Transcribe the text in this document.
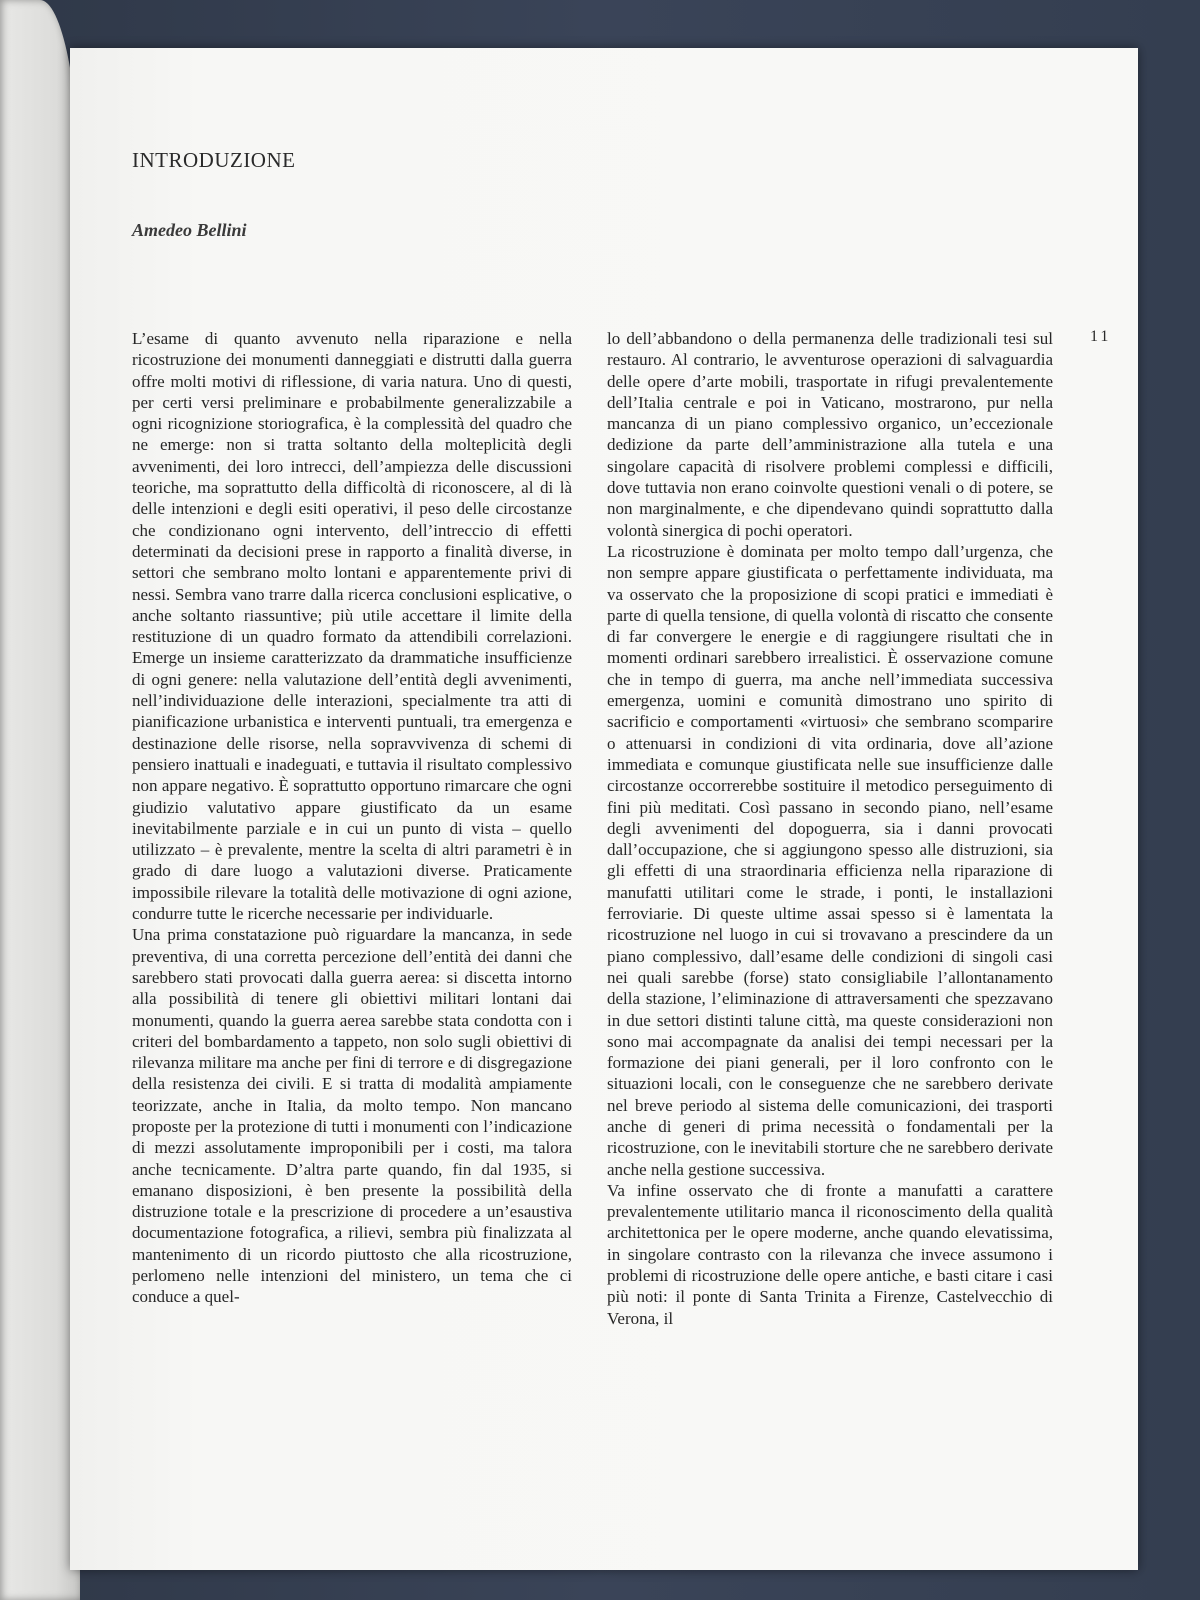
INTRODUZIONE
Amedeo Bellini
11

L’esame di quanto avvenuto nella riparazione e nella ricostruzione dei monumenti danneggiati e distrutti dalla guerra offre molti motivi di riflessione, di varia natura. Uno di questi, per certi versi preliminare e probabilmente generalizzabile a ogni ricognizione storiografica, è la complessità del quadro che ne emerge: non si tratta soltanto della molteplicità degli avvenimenti, dei loro intrecci, dell’ampiezza delle discussioni teoriche, ma soprattutto della difficoltà di riconoscere, al di là delle intenzioni e degli esiti operativi, il peso delle circostanze che condizionano ogni intervento, dell’intreccio di effetti determinati da decisioni prese in rapporto a finalità diverse, in settori che sembrano molto lontani e apparentemente privi di nessi. Sembra vano trarre dalla ricerca conclusioni esplicative, o anche soltanto riassuntive; più utile accettare il limite della restituzione di un quadro formato da attendibili correlazioni. Emerge un insieme caratterizzato da drammatiche insufficienze di ogni genere: nella valutazione dell’entità degli avvenimenti, nell’individuazione delle interazioni, specialmente tra atti di pianificazione urbanistica e interventi puntuali, tra emergenza e destinazione delle risorse, nella sopravvivenza di schemi di pensiero inattuali e inadeguati, e tuttavia il risultato complessivo non appare negativo. È soprattutto opportuno rimarcare che ogni giudizio valutativo appare giustificato da un esame inevitabilmente parziale e in cui un punto di vista – quello utilizzato – è prevalente, mentre la scelta di altri parametri è in grado di dare luogo a valutazioni diverse. Praticamente impossibile rilevare la totalità delle motivazione di ogni azione, condurre tutte le ricerche necessarie per individuarle.

Una prima constatazione può riguardare la mancanza, in sede preventiva, di una corretta percezione dell’entità dei danni che sarebbero stati provocati dalla guerra aerea: si discetta intorno alla possibilità di tenere gli obiettivi militari lontani dai monumenti, quando la guerra aerea sarebbe stata condotta con i criteri del bombardamento a tappeto, non solo sugli obiettivi di rilevanza militare ma anche per fini di terrore e di disgregazione della resistenza dei civili. E si tratta di modalità ampiamente teorizzate, anche in Italia, da molto tempo. Non mancano proposte per la protezione di tutti i monumenti con l’indicazione di mezzi assolutamente improponibili per i costi, ma talora anche tecnicamente. D’altra parte quando, fin dal 1935, si emanano disposizioni, è ben presente la possibilità della distruzione totale e la prescrizione di procedere a un’esaustiva documentazione fotografica, a rilievi, sembra più finalizzata al mantenimento di un ricordo piuttosto che alla ricostruzione, perlomeno nelle intenzioni del ministero, un tema che ci conduce a quel-

lo dell’abbandono o della permanenza delle tradizionali tesi sul restauro. Al contrario, le avventurose operazioni di salvaguardia delle opere d’arte mobili, trasportate in rifugi prevalentemente dell’Italia centrale e poi in Vaticano, mostrarono, pur nella mancanza di un piano complessivo organico, un’eccezionale dedizione da parte dell’amministrazione alla tutela e una singolare capacità di risolvere problemi complessi e difficili, dove tuttavia non erano coinvolte questioni venali o di potere, se non marginalmente, e che dipendevano quindi soprattutto dalla volontà sinergica di pochi operatori.

La ricostruzione è dominata per molto tempo dall’urgenza, che non sempre appare giustificata o perfettamente individuata, ma va osservato che la proposizione di scopi pratici e immediati è parte di quella tensione, di quella volontà di riscatto che consente di far convergere le energie e di raggiungere risultati che in momenti ordinari sarebbero irrealistici. È osservazione comune che in tempo di guerra, ma anche nell’immediata successiva emergenza, uomini e comunità dimostrano uno spirito di sacrificio e comportamenti «virtuosi» che sembrano scomparire o attenuarsi in condizioni di vita ordinaria, dove all’azione immediata e comunque giustificata nelle sue insufficienze dalle circostanze occorrerebbe sostituire il metodico perseguimento di fini più meditati. Così passano in secondo piano, nell’esame degli avvenimenti del dopoguerra, sia i danni provocati dall’occupazione, che si aggiungono spesso alle distruzioni, sia gli effetti di una straordinaria efficienza nella riparazione di manufatti utilitari come le strade, i ponti, le installazioni ferroviarie. Di queste ultime assai spesso si è lamentata la ricostruzione nel luogo in cui si trovavano a prescindere da un piano complessivo, dall’esame delle condizioni di singoli casi nei quali sarebbe (forse) stato consigliabile l’allontanamento della stazione, l’eliminazione di attraversamenti che spezzavano in due settori distinti talune città, ma queste considerazioni non sono mai accompagnate da analisi dei tempi necessari per la formazione dei piani generali, per il loro confronto con le situazioni locali, con le conseguenze che ne sarebbero derivate nel breve periodo al sistema delle comunicazioni, dei trasporti anche di generi di prima necessità o fondamentali per la ricostruzione, con le inevitabili storture che ne sarebbero derivate anche nella gestione successiva.

Va infine osservato che di fronte a manufatti a carattere prevalentemente utilitario manca il riconoscimento della qualità architettonica per le opere moderne, anche quando elevatissima, in singolare contrasto con la rilevanza che invece assumono i problemi di ricostruzione delle opere antiche, e basti citare i casi più noti: il ponte di Santa Trinita a Firenze, Castelvecchio di Verona, il
